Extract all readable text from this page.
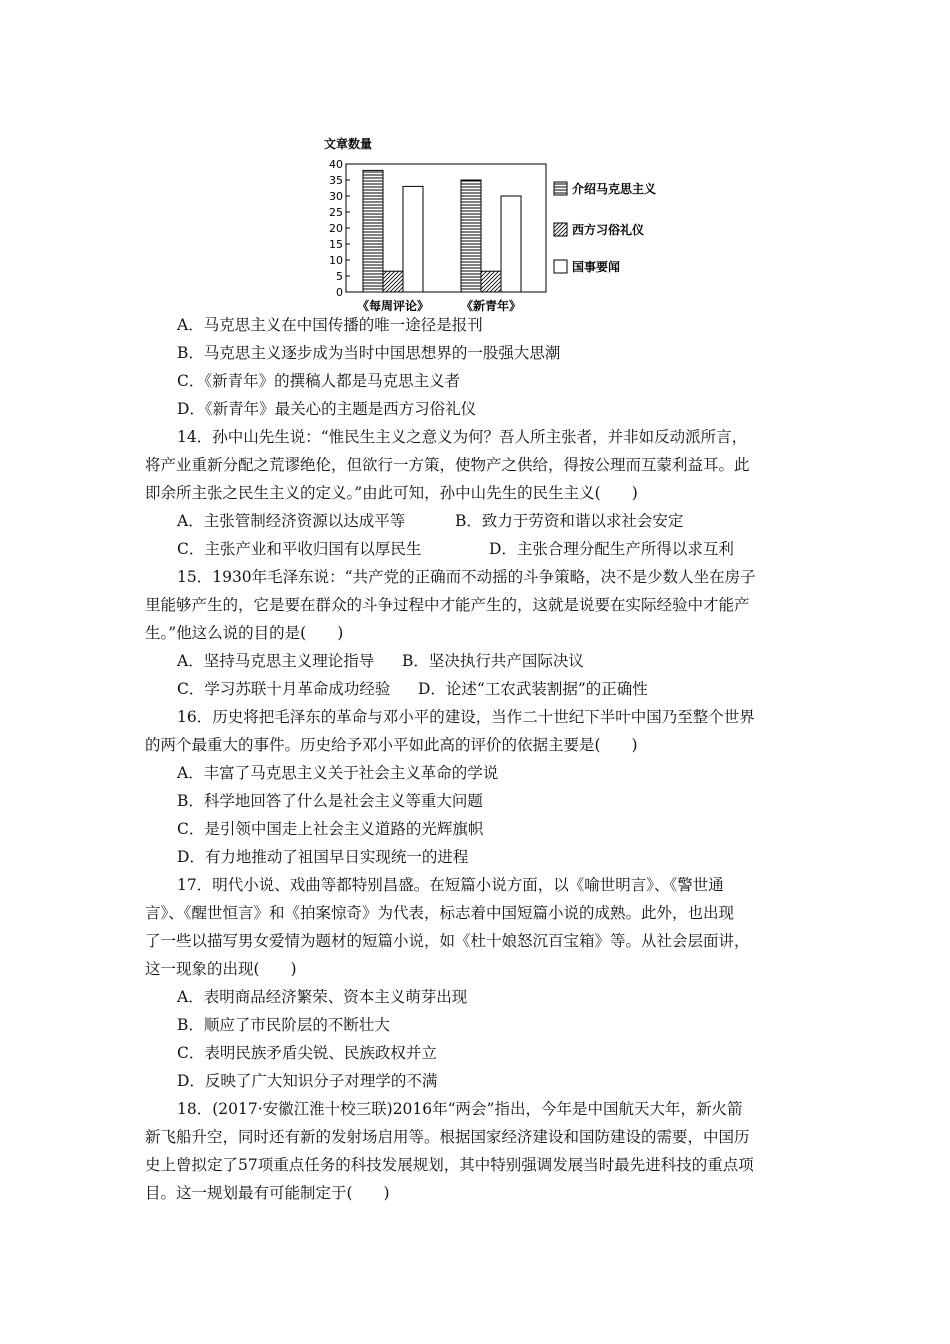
文章数量
0
5
10
15
20
25
30
35
40
《每周评论》	《新青年》
介绍马克思主义
西方习俗礼仪
国事要闻
A．马克思主义在中国传播的唯一途径是报刊
B．马克思主义逐步成为当时中国思想界的一股强大思潮
C．《新青年》的撰稿人都是马克思主义者
D．《新青年》最关心的主题是西方习俗礼仪
14．孙中山先生说：“惟民生主义之意义为何？吾人所主张者，并非如反动派所言，
将产业重新分配之荒谬绝伦，但欲行一方策，使物产之供给，得按公理而互蒙利益耳。此
即余所主张之民生主义的定义。”由此可知，孙中山先生的民生主义(　　)
A．主张管制经济资源以达成平等	B．致力于劳资和谐以求社会安定
C．主张产业和平收归国有以厚民生	D．主张合理分配生产所得以求互利
15．1930年毛泽东说：“共产党的正确而不动摇的斗争策略，决不是少数人坐在房子
里能够产生的，它是要在群众的斗争过程中才能产生的，这就是说要在实际经验中才能产
生。”他这么说的目的是(　　)
A．坚持马克思主义理论指导 B．坚决执行共产国际决议
C．学习苏联十月革命成功经验 D．论述“工农武装割据”的正确性
16．历史将把毛泽东的革命与邓小平的建设，当作二十世纪下半叶中国乃至整个世界
的两个最重大的事件。历史给予邓小平如此高的评价的依据主要是(　　)
A．丰富了马克思主义关于社会主义革命的学说
B．科学地回答了什么是社会主义等重大问题
C．是引领中国走上社会主义道路的光辉旗帜
D．有力地推动了祖国早日实现统一的进程
17．明代小说、戏曲等都特别昌盛。在短篇小说方面，以《喻世明言》、《警世通
言》、《醒世恒言》和《拍案惊奇》为代表，标志着中国短篇小说的成熟。此外，也出现
了一些以描写男女爱情为题材的短篇小说，如《杜十娘怒沉百宝箱》等。从社会层面讲，
这一现象的出现(　　)
A．表明商品经济繁荣、资本主义萌芽出现
B．顺应了市民阶层的不断壮大
C．表明民族矛盾尖锐、民族政权并立
D．反映了广大知识分子对理学的不满
18．(2017·安徽江淮十校三联)2016年“两会”指出，今年是中国航天大年，新火箭
新飞船升空，同时还有新的发射场启用等。根据国家经济建设和国防建设的需要，中国历
史上曾拟定了57项重点任务的科技发展规划，其中特别强调发展当时最先进科技的重点项
目。这一规划最有可能制定于(　　)
